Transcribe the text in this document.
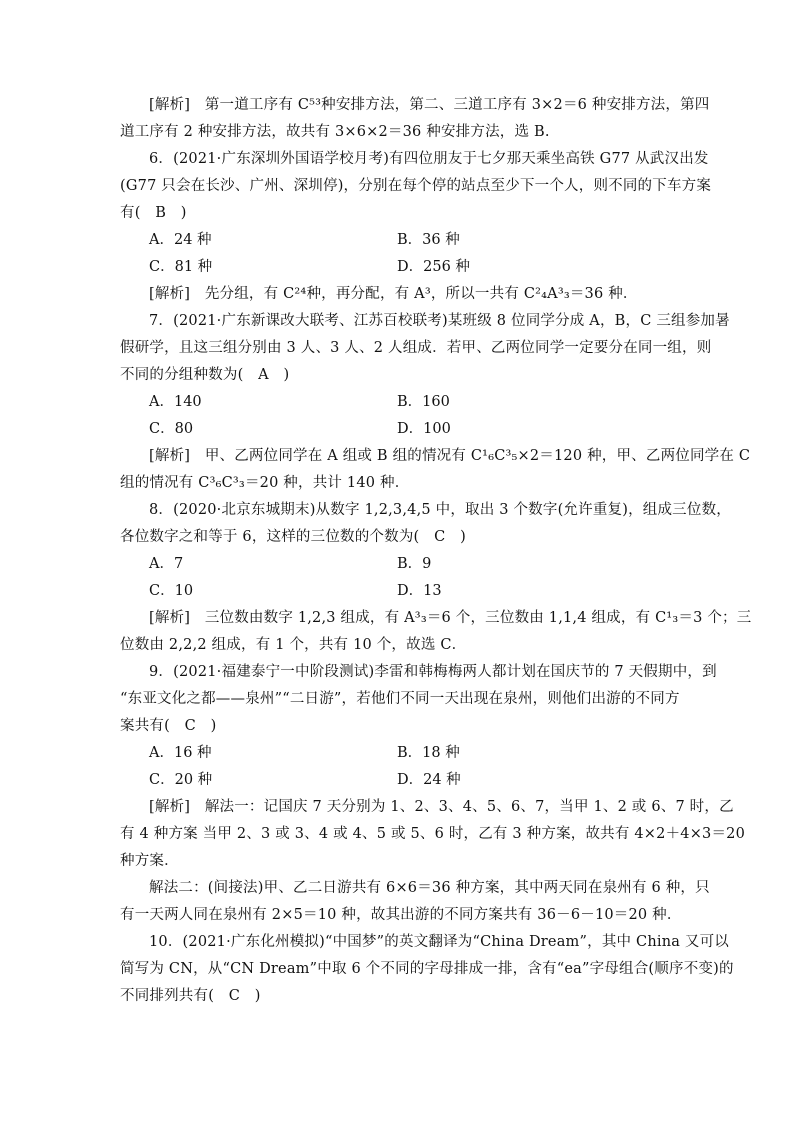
[解析]　第一道工序有 C⁵³种安排方法，第二、三道工序有 3×2＝6 种安排方法，第四
道工序有 2 种安排方法，故共有 3×6×2＝36 种安排方法，选 B.
6．(2021·广东深圳外国语学校月考)有四位朋友于七夕那天乘坐高铁 G77 从武汉出发
(G77 只会在长沙、广州、深圳停)，分别在每个停的站点至少下一个人，则不同的下车方案
有(　B　)
A．24 种	B．36 种
C．81 种	D．256 种
[解析]　先分组，有 C²⁴种，再分配，有 A³，所以一共有 C²₄A³₃＝36 种．
7．(2021·广东新课改大联考、江苏百校联考)某班级 8 位同学分成 A，B，C 三组参加暑
假研学，且这三组分别由 3 人、3 人、2 人组成．若甲、乙两位同学一定要分在同一组，则
不同的分组种数为(　A　)
A．140	B．160
C．80	D．100
[解析]　甲、乙两位同学在 A 组或 B 组的情况有 C¹₆C³₅×2＝120 种，甲、乙两位同学在 C
组的情况有 C³₆C³₃＝20 种，共计 140 种．
8．(2020·北京东城期末)从数字 1,2,3,4,5 中，取出 3 个数字(允许重复)，组成三位数，
各位数字之和等于 6，这样的三位数的个数为(　C　)
A．7	B．9
C．10	D．13
[解析]　三位数由数字 1,2,3 组成，有 A³₃＝6 个，三位数由 1,1,4 组成，有 C¹₃＝3 个；三
位数由 2,2,2 组成，有 1 个，共有 10 个，故选 C．
9．(2021·福建泰宁一中阶段测试)李雷和韩梅梅两人都计划在国庆节的 7 天假期中，到
“东亚文化之都——泉州”“二日游”，若他们不同一天出现在泉州，则他们出游的不同方
案共有(　C　)
A．16 种	B．18 种
C．20 种	D．24 种
[解析]　解法一：记国庆 7 天分别为 1、2、3、4、5、6、7，当甲 1、2 或 6、7 时，乙
有 4 种方案 当甲 2、3 或 3、4 或 4、5 或 5、6 时，乙有 3 种方案，故共有 4×2＋4×3＝20
种方案．
解法二：(间接法)甲、乙二日游共有 6×6＝36 种方案，其中两天同在泉州有 6 种，只
有一天两人同在泉州有 2×5＝10 种，故其出游的不同方案共有 36－6－10＝20 种．
10．(2021·广东化州模拟)“中国梦”的英文翻译为“China Dream”，其中 China 又可以
简写为 CN，从“CN Dream”中取 6 个不同的字母排成一排，含有“ea”字母组合(顺序不变)的
不同排列共有(　C　)
